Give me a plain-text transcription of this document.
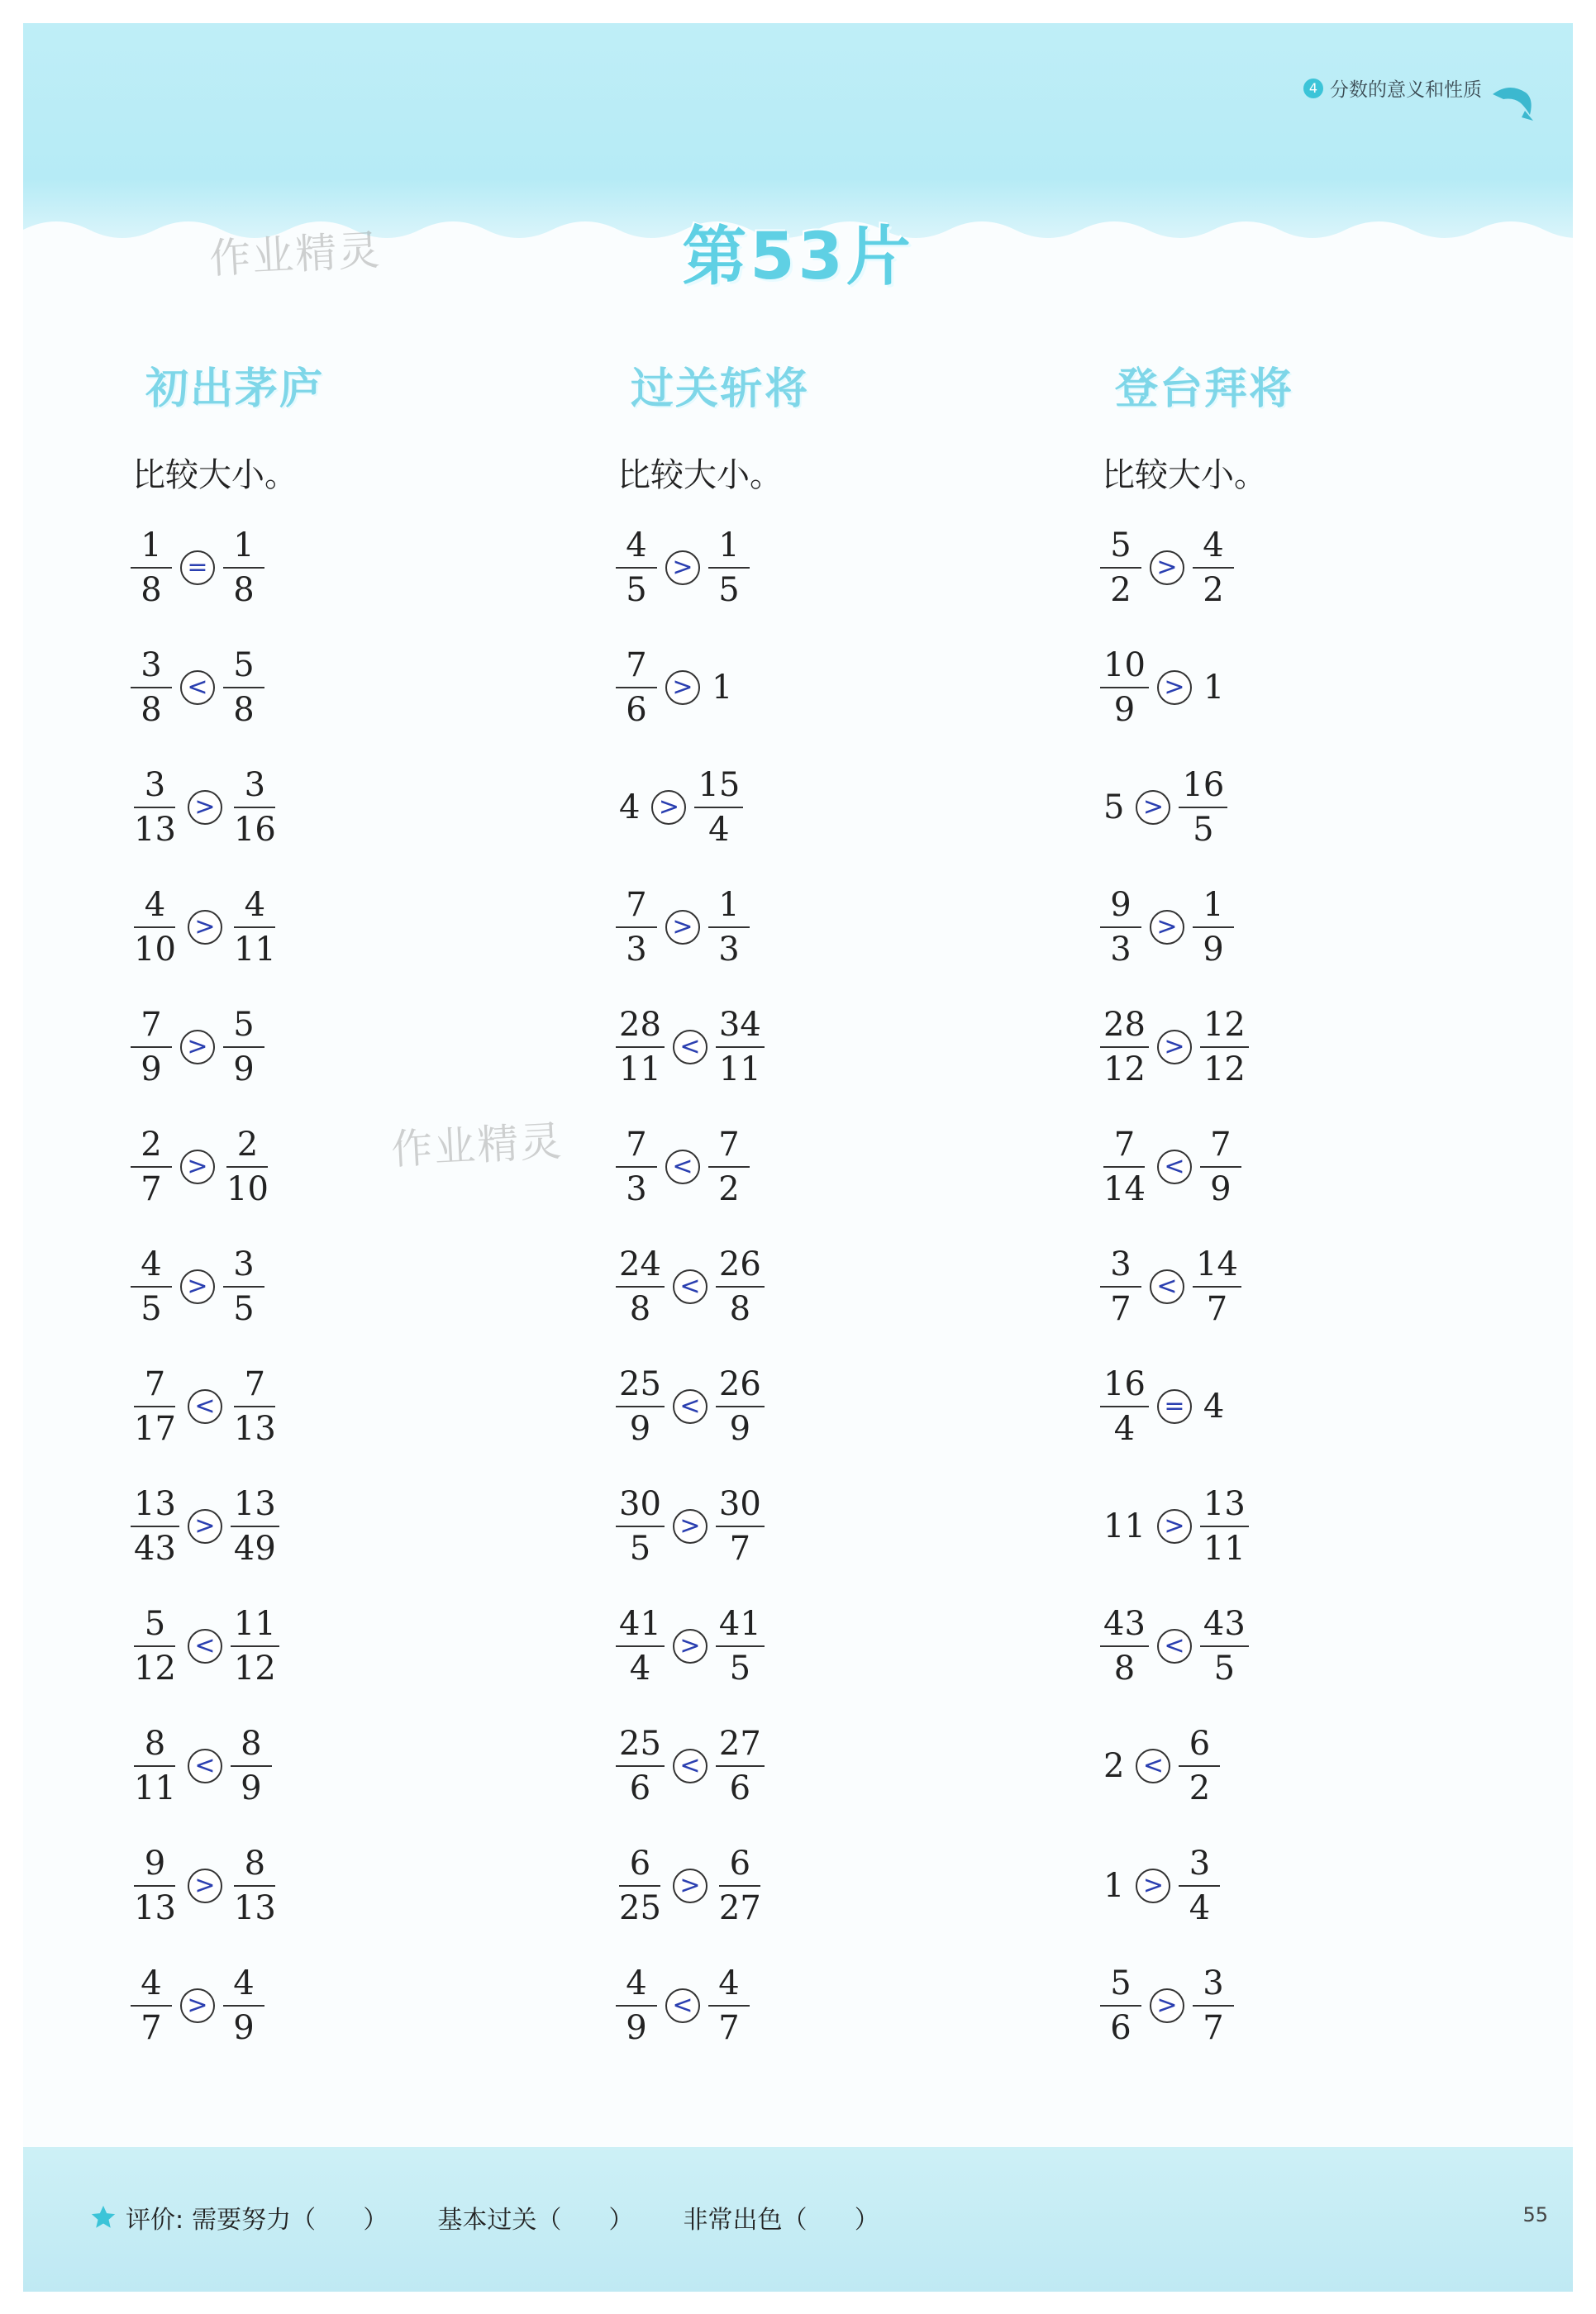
4 分数的意义和性质
第53片
作业精灵
作业精灵
初出茅庐
比较大小。
$\frac{1}{8} = \frac{1}{8}$
$\frac{3}{8} < \frac{5}{8}$
$\frac{3}{13} > \frac{3}{16}$
$\frac{4}{10} > \frac{4}{11}$
$\frac{7}{9} > \frac{5}{9}$
$\frac{2}{7} > \frac{2}{10}$
$\frac{4}{5} > \frac{3}{5}$
$\frac{7}{17} < \frac{7}{13}$
$\frac{13}{43} > \frac{13}{49}$
$\frac{5}{12} < \frac{11}{12}$
$\frac{8}{11} < \frac{8}{9}$
$\frac{9}{13} > \frac{8}{13}$
$\frac{4}{7} > \frac{4}{9}$
过关斩将
比较大小。
$\frac{4}{5} > \frac{1}{5}$
$\frac{7}{6} > 1$
$4 > \frac{15}{4}$
$\frac{7}{3} > \frac{1}{3}$
$\frac{28}{11} < \frac{34}{11}$
$\frac{7}{3} < \frac{7}{2}$
$\frac{24}{8} < \frac{26}{8}$
$\frac{25}{9} < \frac{26}{9}$
$\frac{30}{5} > \frac{30}{7}$
$\frac{41}{4} > \frac{41}{5}$
$\frac{25}{6} < \frac{27}{6}$
$\frac{6}{25} > \frac{6}{27}$
$\frac{4}{9} < \frac{4}{7}$
登台拜将
比较大小。
$\frac{5}{2} > \frac{4}{2}$
$\frac{10}{9} > 1$
$5 > \frac{16}{5}$
$\frac{9}{3} > \frac{1}{9}$
$\frac{28}{12} > \frac{12}{12}$
$\frac{7}{14} < \frac{7}{9}$
$\frac{3}{7} < \frac{14}{7}$
$\frac{16}{4} = 4$
$11 > \frac{13}{11}$
$\frac{43}{8} < \frac{43}{5}$
$2 < \frac{6}{2}$
$1 > \frac{3}{4}$
$\frac{5}{6} > \frac{3}{7}$
评价: 需要努力（      ） 基本过关（      ） 非常出色（      ）	55
